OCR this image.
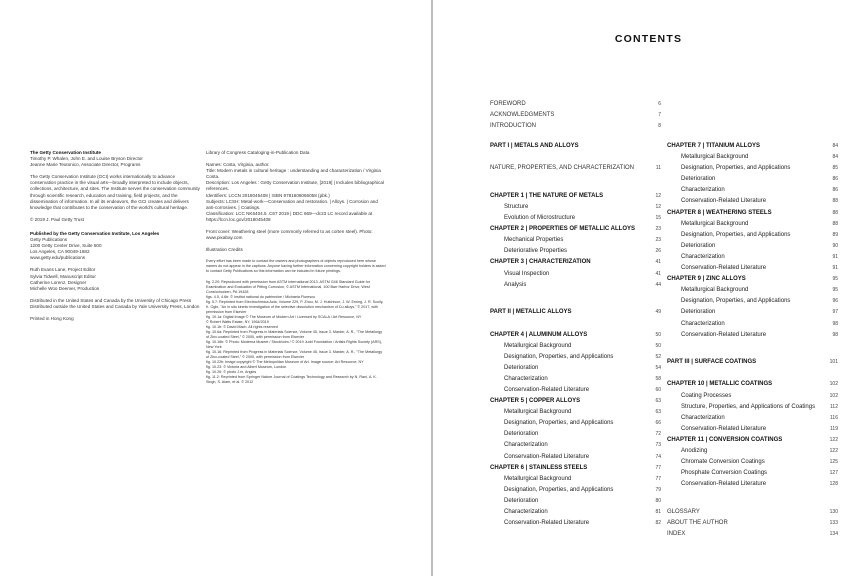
The Getty Conservation Institute

Timothy P. Whalen, John E. and Louise Bryson Director

Jeanne Marie Teutonico, Associate Director, Programs

The Getty Conservation Institute (GCI) works internationally to advance conservation practice in the visual arts—broadly interpreted to include objects, collections, architecture, and sites. The Institute serves the conservation community through scientific research, education and training, field projects, and the dissemination of information. In all its endeavors, the GCI creates and delivers knowledge that contributes to the conservation of the world's cultural heritage.

© 2019 J. Paul Getty Trust

Published by the Getty Conservation Institute, Los Angeles

Getty Publications

1200 Getty Center Drive, Suite 500

Los Angeles, CA 90049-1682

www.getty.edu/publications

Ruth Evans Lane, Project Editor

Sylvia Tidwell, Manuscript Editor

Catherine Lorenz, Designer

Michelle Woo Deemer, Production

Distributed in the United States and Canada by the University of Chicago Press

Distributed outside the United States and Canada by Yale University Press, London

Printed in Hong Kong

Library of Congress Cataloging-in-Publication Data

Names: Costa, Virginia, author.

Title: Modern metals in cultural heritage : understanding and characterization / Virginia Costa.

Description: Los Angeles : Getty Conservation Institute, [2019] | Includes bibliographical references.

Identifiers: LCCN 2018045408 | ISBN 9781606066058 (pbk.)

Subjects: LCSH: Metal-work—Conservation and restoration. | Alloys. | Corrosion and anti-corrosives. | Coatings.

Classification: LCC NK6404.5 .C67 2019 | DDC 669—dc23 LC record available at https://lccn.loc.gov/2018045408

Front cover: Weathering steel (more commonly referred to as corten steel). Photo: www.pixabay.com

Illustration Credits

Every effort has been made to contact the owners and photographers of objects reproduced here whose names do not appear in the captions. Anyone having further information concerning copyright holders is asked to contact Getty Publications so this information can be included in future printings.

fig. 2.20: Reproduced with permission from ASTM International 2013. ASTM G46 Standard Guide for Examination and Evaluation of Pitting Corrosion, © ASTM International, 100 Barr Harbor Drive, West Conshohocken, PA 19428

figs. 4.5, 4.6b: © Institut national du patrimoine / Michaela Florescu

fig. 5.7: Reprinted from Electrochimica Acta, Volume 229, P. Zhou, M. J. Hutchison, J. W. Erning, J. R. Scully, K. Ogle, "An in situ kinetic investigation of the selective dissolution mechanism of Cu alloys," © 2017, with permission from Elsevier

fig. 10.1a: Digital Image © The Museum of Modern Art / Licensed by SCALA / Art Resource, NY

© Robert Watts Estate, NY, 1964/2019

fig. 10.1b: © David Mach. All rights reserved

fig. 10.6a: Reprinted from Progress in Materials Science, Volume 45, Issue 3, Marder, A. R., "The Metallurgy of Zinc-coated Steel," © 2000, with permission from Elsevier

fig. 10.16b: © Photo: Moderna Museet / Stockholm / © 2019 Judd Foundation / Artists Rights Society (ARS), New York

fig. 10.16: Reprinted from Progress in Materials Science, Volume 45, Issue 3, Marder, A. R., "The Metallurgy of Zinc-coated Steel," © 2000, with permission from Elsevier

fig. 10.22b: Image copyright © The Metropolitan Museum of Art. Image source: Art Resource, NY

fig. 10.23: © Victoria and Albert Museum, London

fig. 10.26: © photo J.m. Angles

fig. 11.2: Reprinted from Springer Nature Journal of Coatings Technology and Research by N. Rani, A. K. Singh, S. Alam, et al. © 2012

CONTENTS
FOREWORD	6
ACKNOWLEDGMENTS	7
INTRODUCTION	8
PART I | METALS AND ALLOYS
NATURE, PROPERTIES, AND CHARACTERIZATION	11
CHAPTER 1 | THE NATURE OF METALS	12
Structure	12
Evolution of Microstructure	15
CHAPTER 2 | PROPERTIES OF METALLIC ALLOYS	23
Mechanical Properties	23
Deteriorative Properties	26
CHAPTER 3 | CHARACTERIZATION	41
Visual Inspection	41
Analysis	44
PART II | METALLIC ALLOYS	49
CHAPTER 4 | ALUMINUM ALLOYS	50
Metallurgical Background	50
Designation, Properties, and Applications	52
Deterioration	54
Characterization	58
Conservation-Related Literature	60
CHAPTER 5 | COPPER ALLOYS	63
Metallurgical Background	63
Designation, Properties, and Applications	66
Deterioration	72
Characterization	73
Conservation-Related Literature	74
CHAPTER 6 | STAINLESS STEELS	77
Metallurgical Background	77
Designation, Properties, and Applications	79
Deterioration	80
Characterization	81
Conservation-Related Literature	82
CHAPTER 7 | TITANIUM ALLOYS	84
Metallurgical Background	84
Designation, Properties, and Applications	85
Deterioration	86
Characterization	86
Conservation-Related Literature	88
CHAPTER 8 | WEATHERING STEELS	88
Metallurgical Background	88
Designation, Properties, and Applications	89
Deterioration	90
Characterization	91
Conservation-Related Literature	91
CHAPTER 9 | ZINC ALLOYS	95
Metallurgical Background	95
Designation, Properties, and Applications	96
Deterioration	97
Characterization	98
Conservation-Related Literature	98
PART III | SURFACE COATINGS	101
CHAPTER 10 | METALLIC COATINGS	102
Coating Processes	102
Structure, Properties, and Applications of Coatings	112
Characterization	116
Conservation-Related Literature	119
CHAPTER 11 | CONVERSION COATINGS	122
Anodizing	122
Chromate Conversion Coatings	125
Phosphate Conversion Coatings	127
Conservation-Related Literature	128
GLOSSARY	130
ABOUT THE AUTHOR	133
INDEX	134
